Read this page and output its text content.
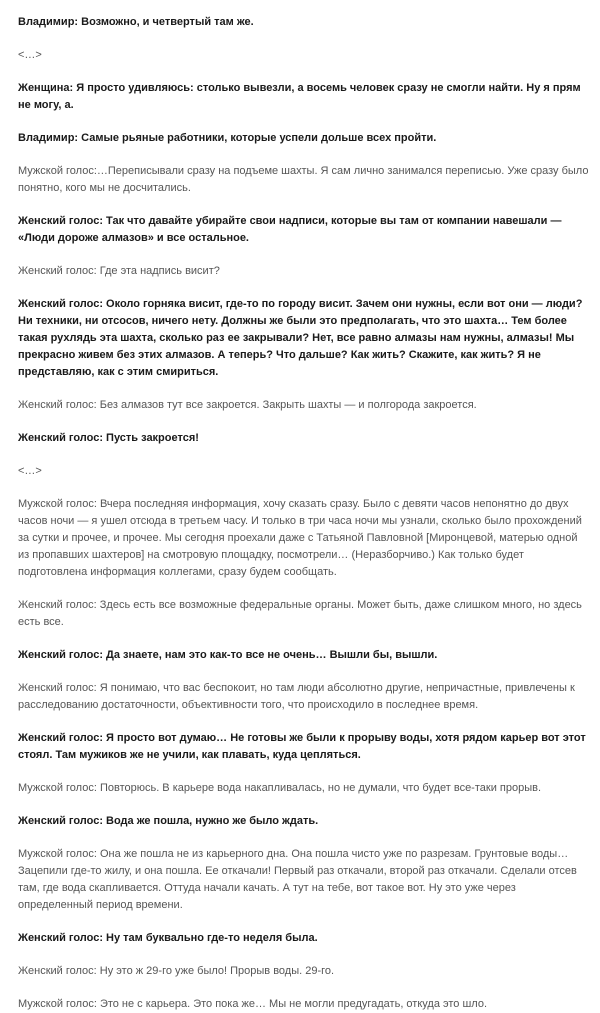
Владимир: Возможно, и четвертый там же.

<…>

Женщина: Я просто удивляюсь: столько вывезли, а восемь человек сразу не смогли найти. Ну я прям не могу, а.

Владимир: Самые рьяные работники, которые успели дольше всех пройти.

Мужской голос:…Переписывали сразу на подъеме шахты. Я сам лично занимался переписью. Уже сразу было понятно, кого мы не досчитались.

Женский голос: Так что давайте убирайте свои надписи, которые вы там от компании навешали — «Люди дороже алмазов» и все остальное.

Женский голос: Где эта надпись висит?

Женский голос: Около горняка висит, где-то по городу висит. Зачем они нужны, если вот они — люди? Ни техники, ни отсосов, ничего нету. Должны же были это предполагать, что это шахта… Тем более такая рухлядь эта шахта, сколько раз ее закрывали? Нет, все равно алмазы нам нужны, алмазы! Мы прекрасно живем без этих алмазов. А теперь? Что дальше? Как жить? Скажите, как жить? Я не представляю, как с этим смириться.

Женский голос: Без алмазов тут все закроется. Закрыть шахты — и полгорода закроется.

Женский голос: Пусть закроется!

<…>

Мужской голос: Вчера последняя информация, хочу сказать сразу. Было с девяти часов непонятно до двух часов ночи — я ушел отсюда в третьем часу. И только в три часа ночи мы узнали, сколько было прохождений за сутки и прочее, и прочее. Мы сегодня проехали даже с Татьяной Павловной [Миронцевой, матерью одной из пропавших шахтеров] на смотровую площадку, посмотрели… (Неразборчиво.) Как только будет подготовлена информация коллегами, сразу будем сообщать.

Женский голос: Здесь есть все возможные федеральные органы. Может быть, даже слишком много, но здесь есть все.

Женский голос: Да знаете, нам это как-то все не очень… Вышли бы, вышли.

Женский голос: Я понимаю, что вас беспокоит, но там люди абсолютно другие, непричастные, привлечены к расследованию достаточности, объективности того, что происходило в последнее время.

Женский голос: Я просто вот думаю… Не готовы же были к прорыву воды, хотя рядом карьер вот этот стоял. Там мужиков же не учили, как плавать, куда цепляться.

Мужской голос: Повторюсь. В карьере вода накапливалась, но не думали, что будет все-таки прорыв.

Женский голос: Вода же пошла, нужно же было ждать.

Мужской голос: Она же пошла не из карьерного дна. Она пошла чисто уже по разрезам. Грунтовые воды… Зацепили где-то жилу, и она пошла. Ее откачали! Первый раз откачали, второй раз откачали. Сделали отсев там, где вода скапливается. Оттуда начали качать. А тут на тебе, вот такое вот. Ну это уже через определенный период времени.

Женский голос: Ну там буквально где-то неделя была.

Женский голос: Ну это ж 29-го уже было! Прорыв воды. 29-го.

Мужской голос: Это не с карьера. Это пока же… Мы не могли предугадать, откуда это шло.
